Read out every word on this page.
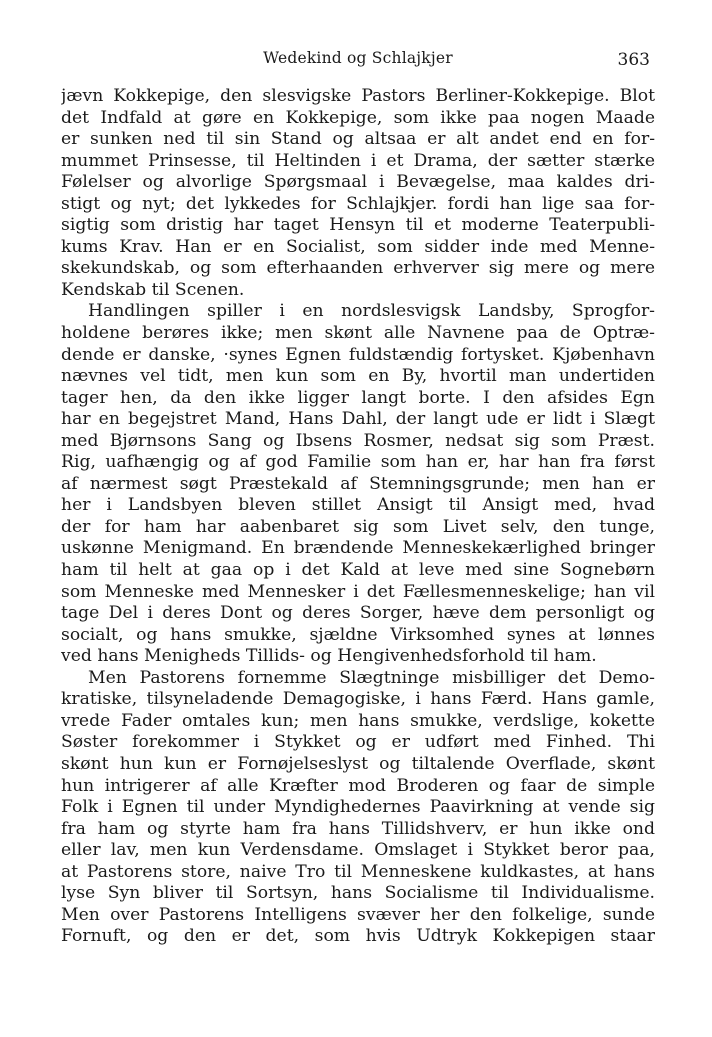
Wedekind og Schlajkjer	363
jævn Kokkepige, den slesvigske Pastors Berliner-Kokkepige. Blot
det Indfald at gøre en Kokkepige, som ikke paa nogen Maade
er sunken ned til sin Stand og altsaa er alt andet end en for-
mummet Prinsesse, til Heltinden i et Drama, der sætter stærke
Følelser og alvorlige Spørgsmaal i Bevægelse, maa kaldes dri-
stigt og nyt; det lykkedes for Schlajkjer. fordi han lige saa for-
sigtig som dristig har taget Hensyn til et moderne Teaterpubli-
kums Krav. Han er en Socialist, som sidder inde med Menne-
skekundskab, og som efterhaanden erhverver sig mere og mere
Kendskab til Scenen.
Handlingen spiller i en nordslesvigsk Landsby, Sprogfor-
holdene berøres ikke; men skønt alle Navnene paa de Optræ-
dende er danske, ·synes Egnen fuldstændig fortysket. Kjøbenhavn
nævnes vel tidt, men kun som en By, hvortil man undertiden
tager hen, da den ikke ligger langt borte. I den afsides Egn
har en begejstret Mand, Hans Dahl, der langt ude er lidt i Slægt
med Bjørnsons Sang og Ibsens Rosmer, nedsat sig som Præst.
Rig, uafhængig og af god Familie som han er, har han fra først
af nærmest søgt Præstekald af Stemningsgrunde; men han er
her i Landsbyen bleven stillet Ansigt til Ansigt med, hvad
der for ham har aabenbaret sig som Livet selv, den tunge,
uskønne Menigmand. En brændende Menneskekærlighed bringer
ham til helt at gaa op i det Kald at leve med sine Sognebørn
som Menneske med Mennesker i det Fællesmenneskelige; han vil
tage Del i deres Dont og deres Sorger, hæve dem personligt og
socialt, og hans smukke, sjældne Virksomhed synes at lønnes
ved hans Menigheds Tillids- og Hengivenhedsforhold til ham.
Men Pastorens fornemme Slægtninge misbilliger det Demo-
kratiske, tilsyneladende Demagogiske, i hans Færd. Hans gamle,
vrede Fader omtales kun; men hans smukke, verdslige, kokette
Søster forekommer i Stykket og er udført med Finhed. Thi
skønt hun kun er Fornøjelseslyst og tiltalende Overflade, skønt
hun intrigerer af alle Kræfter mod Broderen og faar de simple
Folk i Egnen til under Myndighedernes Paavirkning at vende sig
fra ham og styrte ham fra hans Tillidshverv, er hun ikke ond
eller lav, men kun Verdensdame. Omslaget i Stykket beror paa,
at Pastorens store, naive Tro til Menneskene kuldkastes, at hans
lyse Syn bliver til Sortsyn, hans Socialisme til Individualisme.
Men over Pastorens Intelligens svæver her den folkelige, sunde
Fornuft, og den er det, som hvis Udtryk Kokkepigen staar
